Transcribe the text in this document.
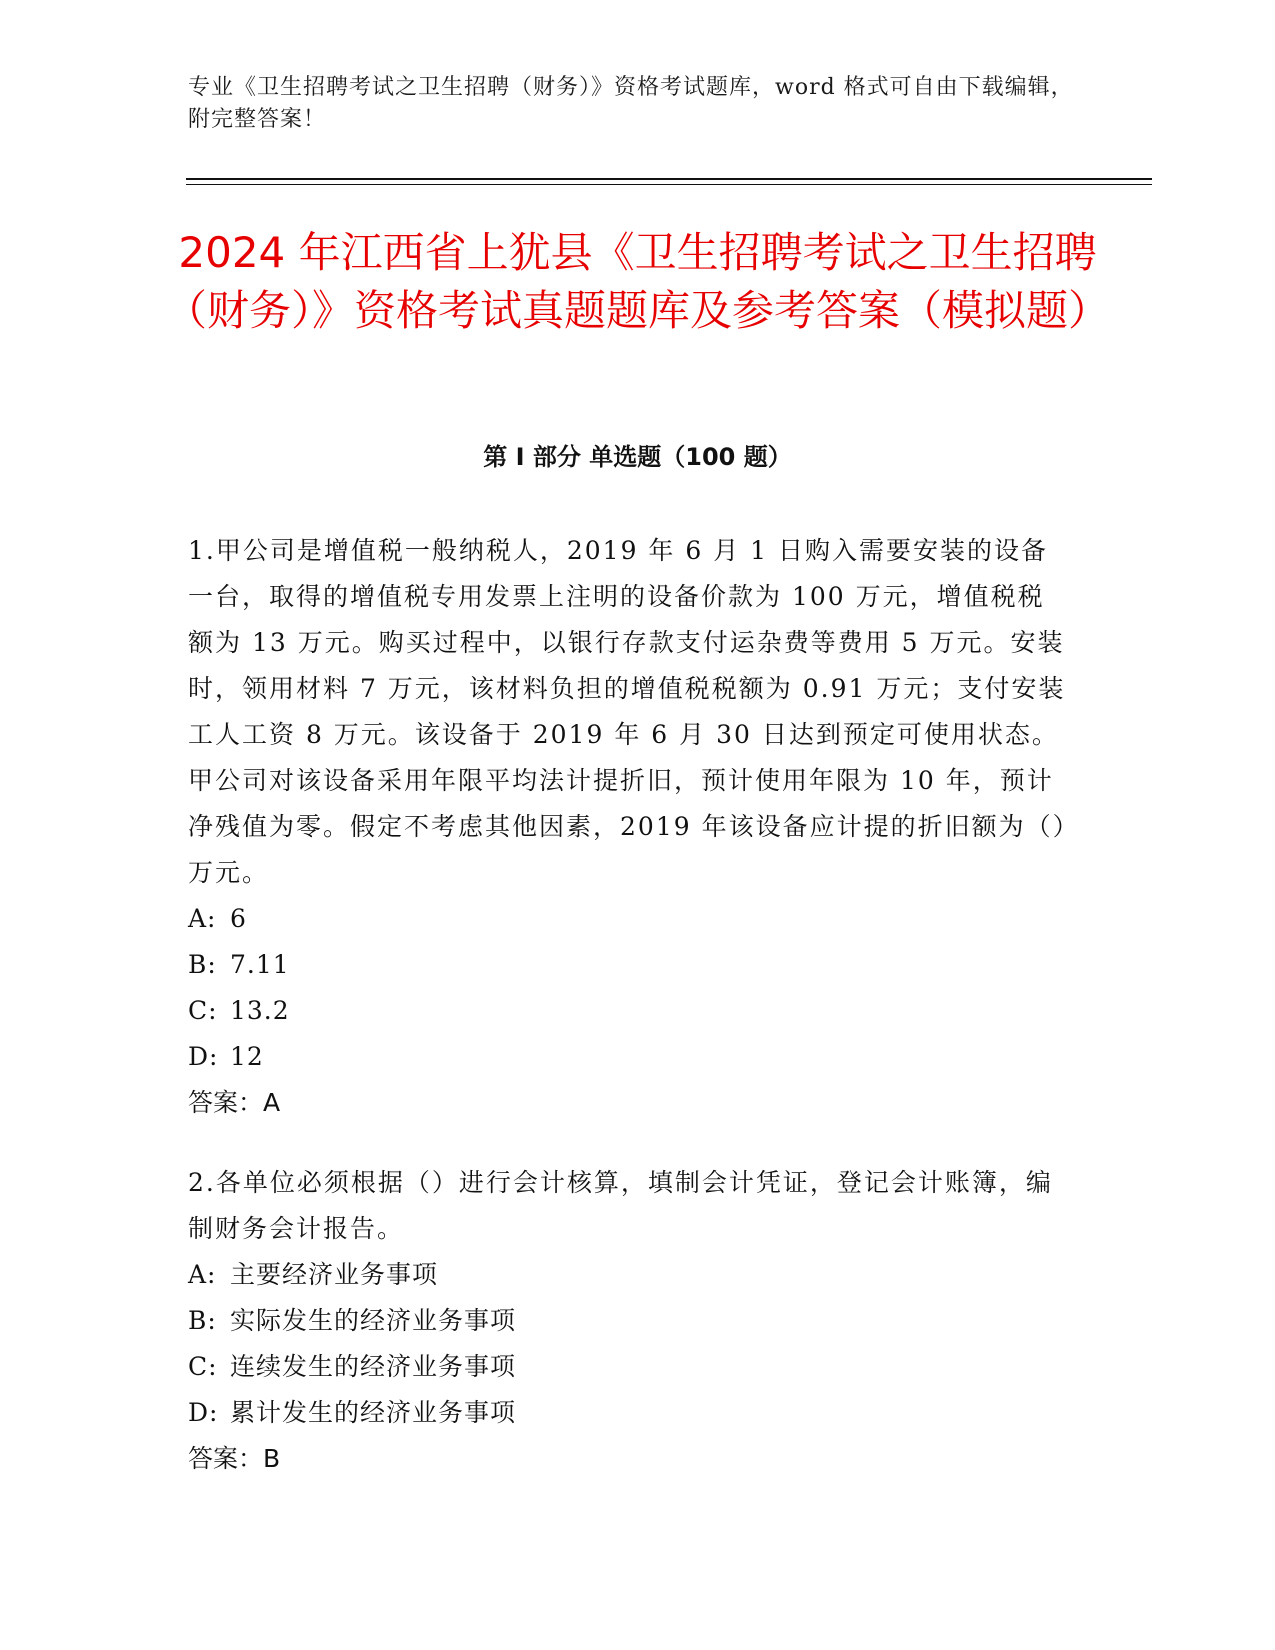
专业《卫生招聘考试之卫生招聘（财务）》资格考试题库，word 格式可自由下载编辑，附完整答案！
2024 年江西省上犹县《卫生招聘考试之卫生招聘（财务）》资格考试真题题库及参考答案（模拟题）
第 I 部分 单选题（100 题）

1.甲公司是增值税一般纳税人，2019 年 6 月 1 日购入需要安装的设备一台，取得的增值税专用发票上注明的设备价款为 100 万元，增值税税额为 13 万元。购买过程中，以银行存款支付运杂费等费用 5 万元。安装时，领用材料 7 万元，该材料负担的增值税税额为 0.91 万元；支付安装工人工资 8 万元。该设备于 2019 年 6 月 30 日达到预定可使用状态。甲公司对该设备采用年限平均法计提折旧，预计使用年限为 10 年，预计净残值为零。假定不考虑其他因素，2019 年该设备应计提的折旧额为（）万元。

A: 6

B: 7.11

C: 13.2

D: 12

答案：A

2.各单位必须根据（）进行会计核算，填制会计凭证，登记会计账簿，编制财务会计报告。

A: 主要经济业务事项

B: 实际发生的经济业务事项

C: 连续发生的经济业务事项

D: 累计发生的经济业务事项

答案：B
